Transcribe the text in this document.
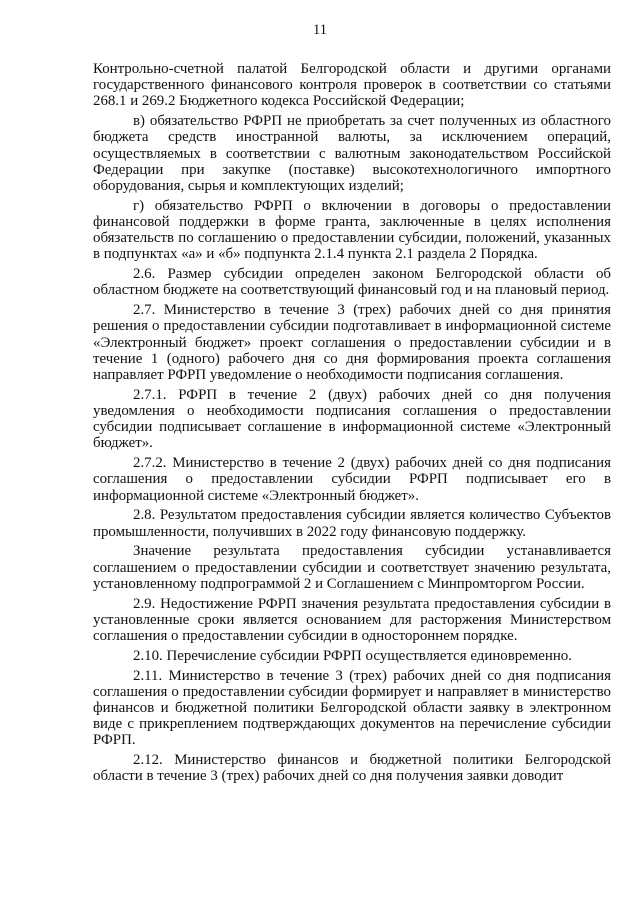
11

Контрольно-счетной палатой Белгородской области и другими органами государственного финансового контроля проверок в соответствии со статьями 268.1 и 269.2 Бюджетного кодекса Российской Федерации;

в) обязательство РФРП не приобретать за счет полученных из областного бюджета средств иностранной валюты, за исключением операций, осуществляемых в соответствии с валютным законодательством Российской Федерации при закупке (поставке) высокотехнологичного импортного оборудования, сырья и комплектующих изделий;

г) обязательство РФРП о включении в договоры о предоставлении финансовой поддержки в форме гранта, заключенные в целях исполнения обязательств по соглашению о предоставлении субсидии, положений, указанных в подпунктах «а» и «б» подпункта 2.1.4 пункта 2.1 раздела 2 Порядка.

2.6. Размер субсидии определен законом Белгородской области об областном бюджете на соответствующий финансовый год и на плановый период.

2.7. Министерство в течение 3 (трех) рабочих дней со дня принятия решения о предоставлении субсидии подготавливает в информационной системе «Электронный бюджет» проект соглашения о предоставлении субсидии и в течение 1 (одного) рабочего дня со дня формирования проекта соглашения направляет РФРП уведомление о необходимости подписания соглашения.

2.7.1. РФРП в течение 2 (двух) рабочих дней со дня получения уведомления о необходимости подписания соглашения о предоставлении субсидии подписывает соглашение в информационной системе «Электронный бюджет».

2.7.2. Министерство в течение 2 (двух) рабочих дней со дня подписания соглашения о предоставлении субсидии РФРП подписывает его в информационной системе «Электронный бюджет».

2.8. Результатом предоставления субсидии является количество Субъектов промышленности, получивших в 2022 году финансовую поддержку.

Значение результата предоставления субсидии устанавливается соглашением о предоставлении субсидии и соответствует значению результата, установленному подпрограммой 2 и Соглашением с Минпромторгом России.

2.9. Недостижение РФРП значения результата предоставления субсидии в установленные сроки является основанием для расторжения Министерством соглашения о предоставлении субсидии в одностороннем порядке.

2.10. Перечисление субсидии РФРП осуществляется единовременно.

2.11. Министерство в течение 3 (трех) рабочих дней со дня подписания соглашения о предоставлении субсидии формирует и направляет в министерство финансов и бюджетной политики Белгородской области заявку в электронном виде с прикреплением подтверждающих документов на перечисление субсидии РФРП.

2.12. Министерство финансов и бюджетной политики Белгородской области в течение 3 (трех) рабочих дней со дня получения заявки доводит
